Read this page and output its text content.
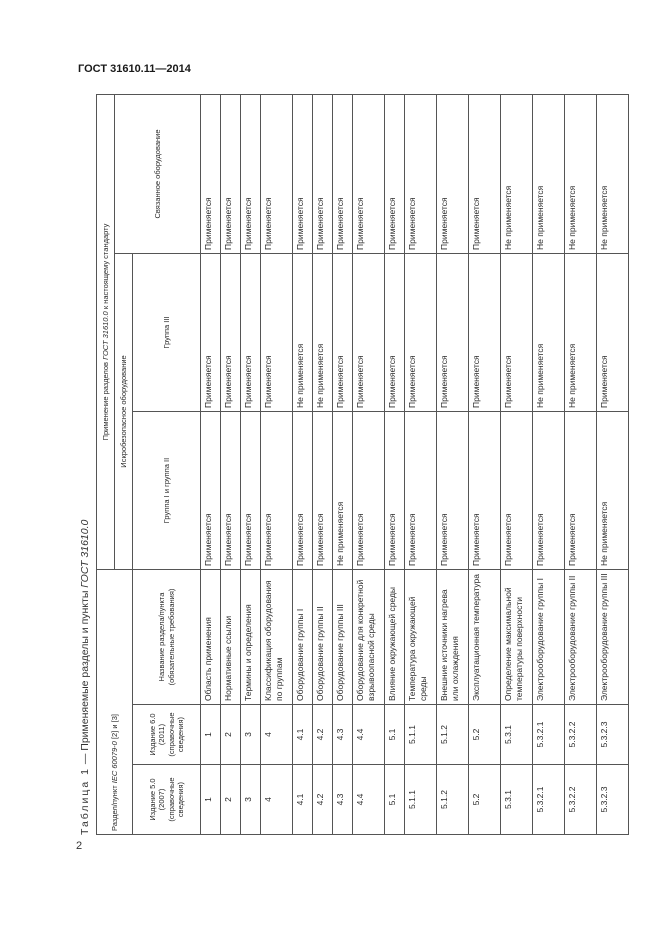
ГОСТ 31610.11—2014
Таблица 1 — Применяемые разделы и пункты ГОСТ 31610.0
Раздел/пункт IEC 60079-0 [2] и [3]			Применение разделов ГОСТ 31610.0 к настоящему стандарту		
			Искробезопасное оборудование		Связанное оборудование
Издание 5.0 (2007) (справочные сведения)	Издание 6.0 (2011) (справочные сведения)	Название раздела/пункта (обязательные требования)	Группа I и группа II	Группа III	
1	1	Область применения	Применяется	Применяется	Применяется
2	2	Нормативные ссылки	Применяется	Применяется	Применяется
3	3	Термины и определения	Применяется	Применяется	Применяется
4	4	Классификация оборудования по группам	Применяется	Применяется	Применяется
4.1	4.1	Оборудование группы I	Применяется	Не применяется	Применяется
4.2	4.2	Оборудование группы II	Применяется	Не применяется	Применяется
4.3	4.3	Оборудование группы III	Не применяется	Применяется	Применяется
4.4	4.4	Оборудование для конкретной взрывоопасной среды	Применяется	Применяется	Применяется
5.1	5.1	Влияние окружающей среды	Применяется	Применяется	Применяется
5.1.1	5.1.1	Температура окружающей среды	Применяется	Применяется	Применяется
5.1.2	5.1.2	Внешние источники нагрева или охлаждения	Применяется	Применяется	Применяется
5.2	5.2	Эксплуатационная температура	Применяется	Применяется	Применяется
5.3.1	5.3.1	Определение максимальной температуры поверхности	Применяется	Применяется	Не применяется
5.3.2.1	5.3.2.1	Электрооборудование группы I	Применяется	Не применяется	Не применяется
5.3.2.2	5.3.2.2	Электрооборудование группы II	Применяется	Не применяется	Не применяется
5.3.2.3	5.3.2.3	Электрооборудование группы III	Не применяется	Применяется	Не применяется
2
